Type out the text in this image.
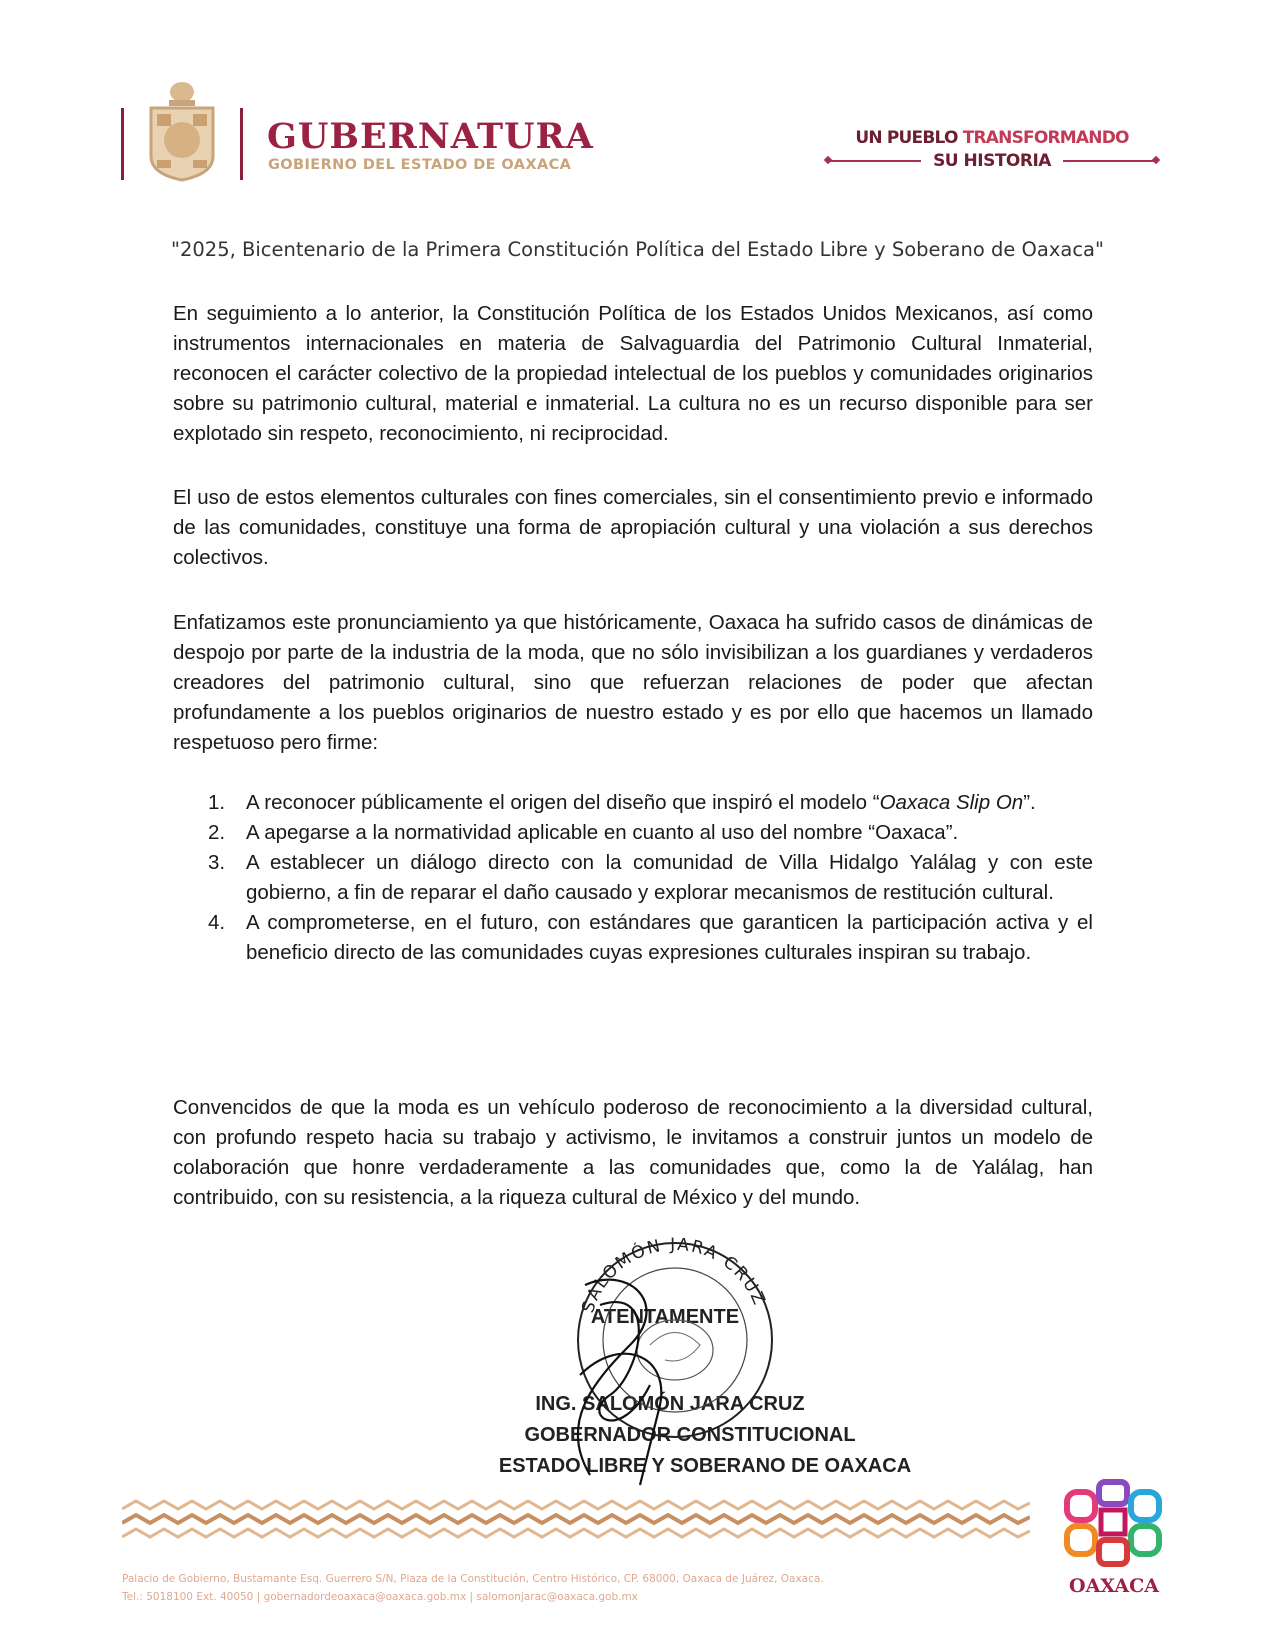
GUBERNATURA
GOBIERNO DEL ESTADO DE OAXACA
UN PUEBLO TRANSFORMANDO
SU HISTORIA
"2025, Bicentenario de la Primera Constitución Política del Estado Libre y Soberano de Oaxaca"
En seguimiento a lo anterior, la Constitución Política de los Estados Unidos Mexicanos, así como instrumentos internacionales en materia de Salvaguardia del Patrimonio Cultural Inmaterial, reconocen el carácter colectivo de la propiedad intelectual de los pueblos y comunidades originarios sobre su patrimonio cultural, material e inmaterial. La cultura no es un recurso disponible para ser explotado sin respeto, reconocimiento, ni reciprocidad.
El uso de estos elementos culturales con fines comerciales, sin el consentimiento previo e informado de las comunidades, constituye una forma de apropiación cultural y una violación a sus derechos colectivos.
Enfatizamos este pronunciamiento ya que históricamente, Oaxaca ha sufrido casos de dinámicas de despojo por parte de la industria de la moda, que no sólo invisibilizan a los guardianes y verdaderos creadores del patrimonio cultural, sino que refuerzan relaciones de poder que afectan profundamente a los pueblos originarios de nuestro estado y es por ello que hacemos un llamado respetuoso pero firme:
1. A reconocer públicamente el origen del diseño que inspiró el modelo “Oaxaca Slip On”.
2. A apegarse a la normatividad aplicable en cuanto al uso del nombre “Oaxaca”.
3. A establecer un diálogo directo con la comunidad de Villa Hidalgo Yalálag y con este gobierno, a fin de reparar el daño causado y explorar mecanismos de restitución cultural.
4. A comprometerse, en el futuro, con estándares que garanticen la participación activa y el beneficio directo de las comunidades cuyas expresiones culturales inspiran su trabajo.
Convencidos de que la moda es un vehículo poderoso de reconocimiento a la diversidad cultural, con profundo respeto hacia su trabajo y activismo, le invitamos a construir juntos un modelo de colaboración que honre verdaderamente a las comunidades que, como la de Yalálag, han contribuido, con su resistencia, a la riqueza cultural de México y del mundo.
ATENTAMENTE
ING. SALOMÓN JARA CRUZ
GOBERNADOR CONSTITUCIONAL
ESTADO LIBRE Y SOBERANO DE OAXACA
SALOMÓN JARA CRUZ
Palacio de Gobierno, Bustamante Esq. Guerrero S/N, Plaza de la Constitución, Centro Histórico, CP. 68000, Oaxaca de Juárez, Oaxaca.
Tel.: 5018100 Ext. 40050 | gobernadordeoaxaca@oaxaca.gob.mx | salomonjarac@oaxaca.gob.mx	OAXACA
